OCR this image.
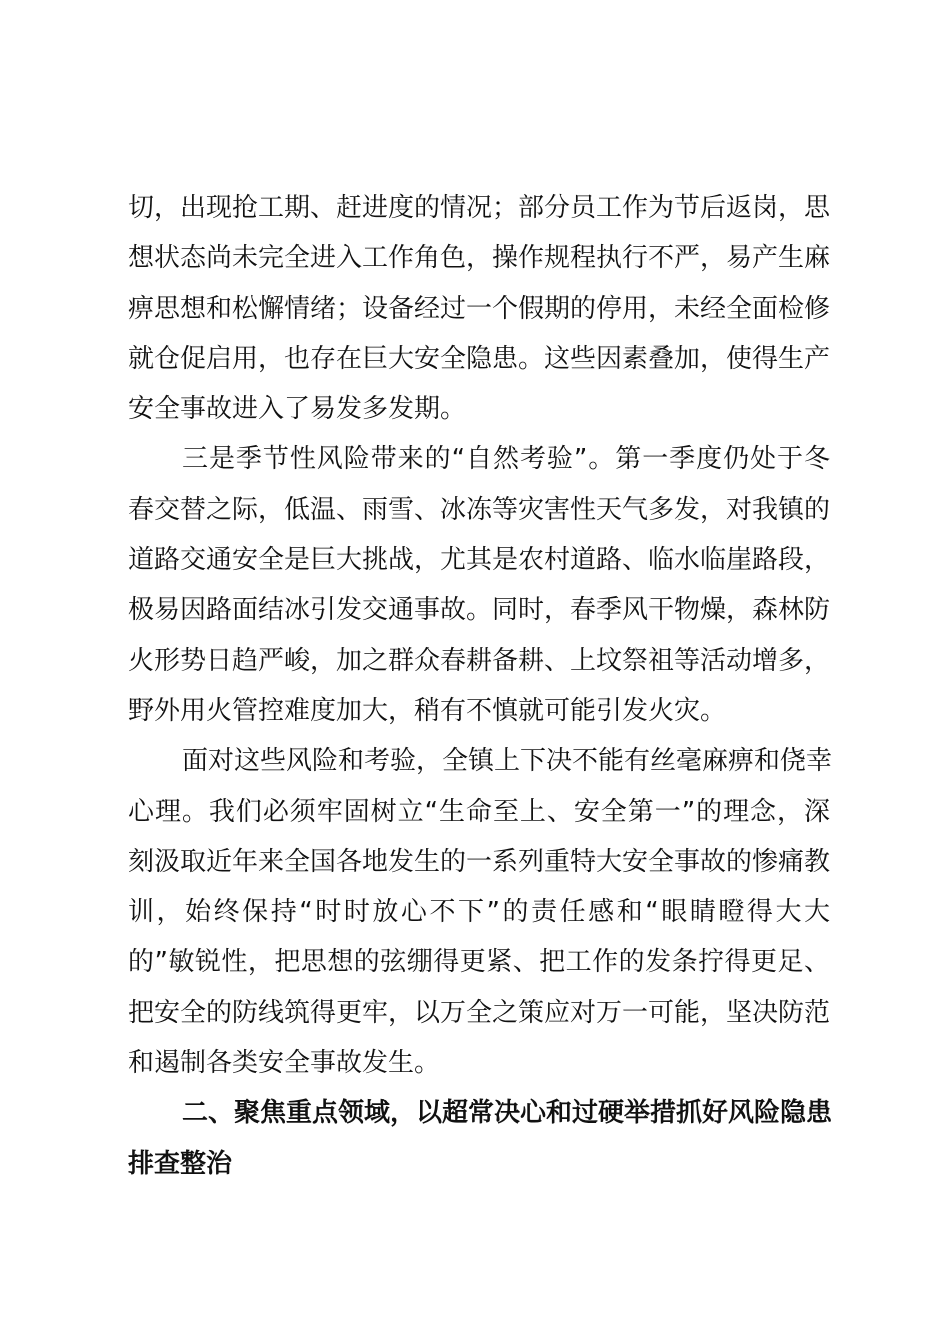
切，出现抢工期、赶进度的情况；部分员工作为节后返岗，思
想状态尚未完全进入工作角色，操作规程执行不严，易产生麻
痹思想和松懈情绪；设备经过一个假期的停用，未经全面检修
就仓促启用，也存在巨大安全隐患。这些因素叠加，使得生产
安全事故进入了易发多发期。
三是季节性风险带来的“自然考验”。第一季度仍处于冬
春交替之际，低温、雨雪、冰冻等灾害性天气多发，对我镇的
道路交通安全是巨大挑战，尤其是农村道路、临水临崖路段，
极易因路面结冰引发交通事故。同时，春季风干物燥，森林防
火形势日趋严峻，加之群众春耕备耕、上坟祭祖等活动增多，
野外用火管控难度加大，稍有不慎就可能引发火灾。
面对这些风险和考验，全镇上下决不能有丝毫麻痹和侥幸
心理。我们必须牢固树立“生命至上、安全第一”的理念，深
刻汲取近年来全国各地发生的一系列重特大安全事故的惨痛教
训，始终保持“时时放心不下”的责任感和“眼睛瞪得大大
的”敏锐性，把思想的弦绷得更紧、把工作的发条拧得更足、
把安全的防线筑得更牢，以万全之策应对万一可能，坚决防范
和遏制各类安全事故发生。
二、聚焦重点领域，以超常决心和过硬举措抓好风险隐患
排查整治
